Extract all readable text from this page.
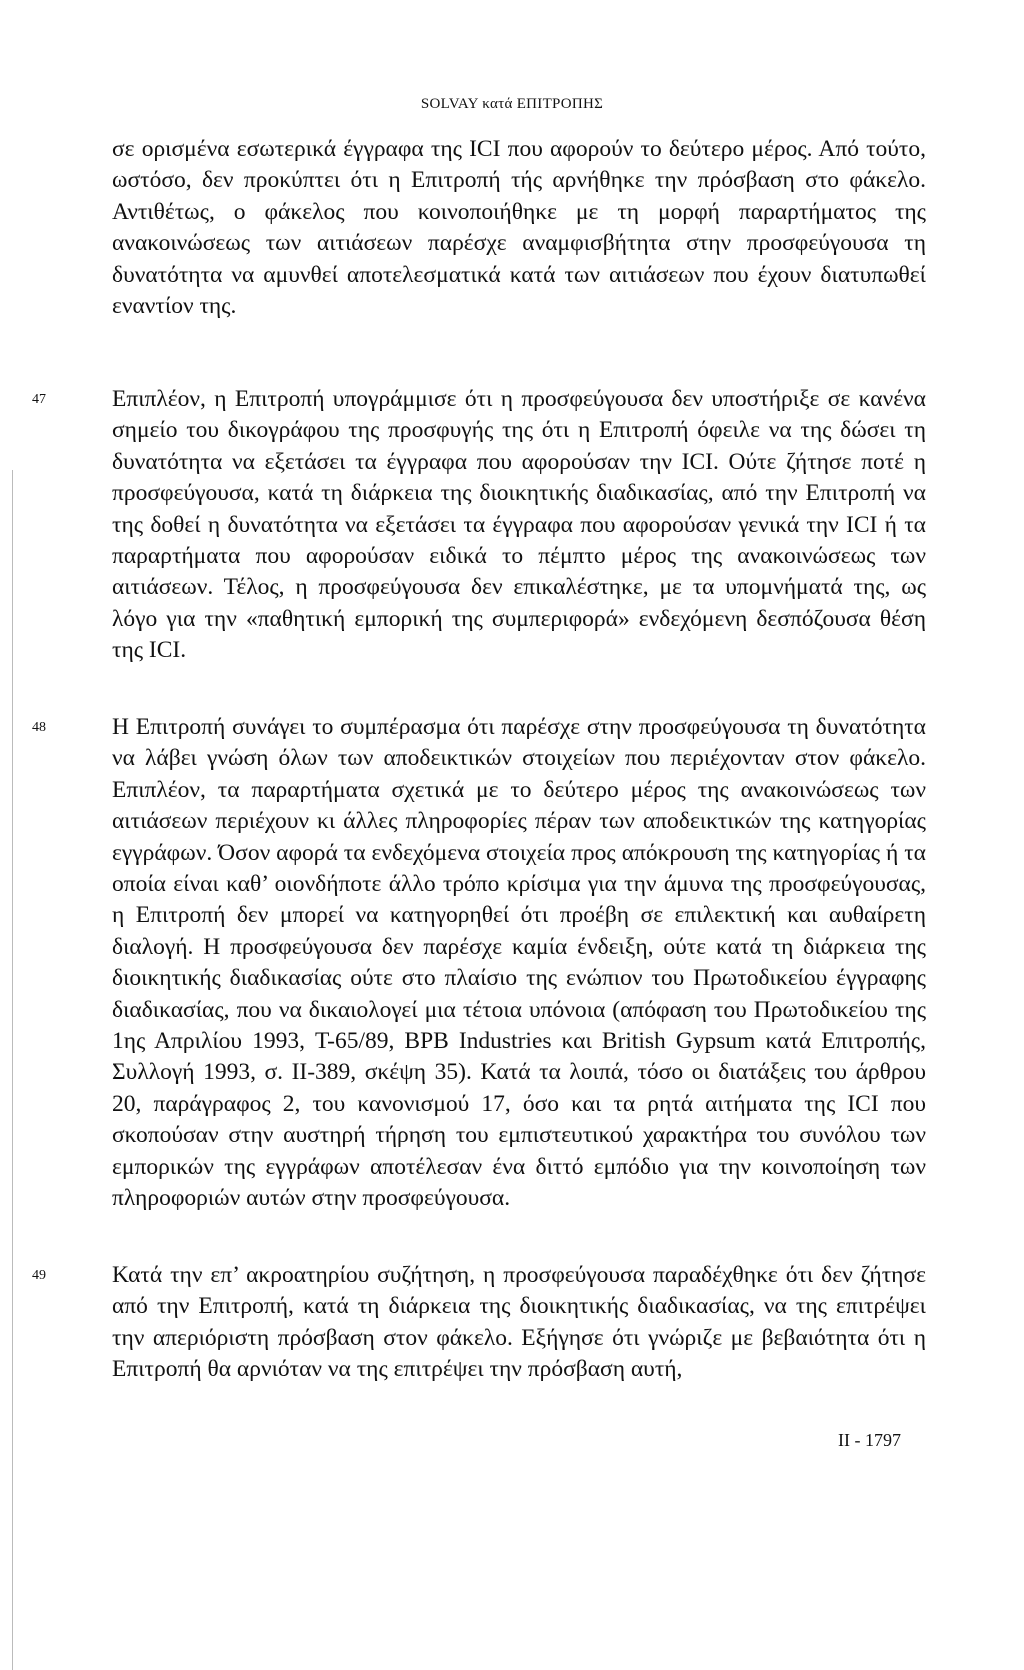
SOLVAY κατά ΕΠΙΤΡΟΠΗΣ

σε ορισμένα εσωτερικά έγγραφα της ICI που αφορούν το δεύτερο μέρος. Από τούτο, ωστόσο, δεν προκύπτει ότι η Επιτροπή τής αρνήθηκε την πρόσβαση στο φάκελο. Αντιθέτως, ο φάκελος που κοινοποιήθηκε με τη μορφή παραρτήματος της ανακοινώσεως των αιτιάσεων παρέσχε αναμφισβήτητα στην προσφεύγουσα τη δυνατότητα να αμυνθεί αποτελεσματικά κατά των αιτιάσεων που έχουν διατυπωθεί εναντίον της.

47	Επιπλέον, η Επιτροπή υπογράμμισε ότι η προσφεύγουσα δεν υποστήριξε σε κανένα σημείο του δικογράφου της προσφυγής της ότι η Επιτροπή όφειλε να της δώσει τη δυνατότητα να εξετάσει τα έγγραφα που αφορούσαν την ICI. Ούτε ζήτησε ποτέ η προσφεύγουσα, κατά τη διάρκεια της διοικητικής διαδικασίας, από την Επιτροπή να της δοθεί η δυνατότητα να εξετάσει τα έγγραφα που αφορούσαν γενικά την ICI ή τα παραρτήματα που αφορούσαν ειδικά το πέμπτο μέρος της ανακοινώσεως των αιτιάσεων. Τέλος, η προσφεύγουσα δεν επικαλέστηκε, με τα υπομνήματά της, ως λόγο για την «παθητική εμπορική της συμπεριφορά» ενδεχόμενη δεσπόζουσα θέση της ICI.

48	Η Επιτροπή συνάγει το συμπέρασμα ότι παρέσχε στην προσφεύγουσα τη δυνατότητα να λάβει γνώση όλων των αποδεικτικών στοιχείων που περιέχονταν στον φάκελο. Επιπλέον, τα παραρτήματα σχετικά με το δεύτερο μέρος της ανακοινώσεως των αιτιάσεων περιέχουν κι άλλες πληροφορίες πέραν των αποδεικτικών της κατηγορίας εγγράφων. Όσον αφορά τα ενδεχόμενα στοιχεία προς απόκρουση της κατηγορίας ή τα οποία είναι καθ’ οιονδήποτε άλλο τρόπο κρίσιμα για την άμυνα της προσφεύγουσας, η Επιτροπή δεν μπορεί να κατηγορηθεί ότι προέβη σε επιλεκτική και αυθαίρετη διαλογή. Η προσφεύγουσα δεν παρέσχε καμία ένδειξη, ούτε κατά τη διάρκεια της διοικητικής διαδικασίας ούτε στο πλαίσιο της ενώπιον του Πρωτοδικείου έγγραφης διαδικασίας, που να δικαιολογεί μια τέτοια υπόνοια (απόφαση του Πρωτοδικείου της 1ης Απριλίου 1993, T-65/89, BPB Industries και British Gypsum κατά Επιτροπής, Συλλογή 1993, σ. II-389, σκέψη 35). Κατά τα λοιπά, τόσο οι διατάξεις του άρθρου 20, παράγραφος 2, του κανονισμού 17, όσο και τα ρητά αιτήματα της ICI που σκοπούσαν στην αυστηρή τήρηση του εμπιστευτικού χαρακτήρα του συνόλου των εμπορικών της εγγράφων αποτέλεσαν ένα διττό εμπόδιο για την κοινοποίηση των πληροφοριών αυτών στην προσφεύγουσα.

49	Κατά την επ’ ακροατηρίου συζήτηση, η προσφεύγουσα παραδέχθηκε ότι δεν ζήτησε από την Επιτροπή, κατά τη διάρκεια της διοικητικής διαδικασίας, να της επιτρέψει την απεριόριστη πρόσβαση στον φάκελο. Εξήγησε ότι γνώριζε με βεβαιότητα ότι η Επιτροπή θα αρνιόταν να της επιτρέψει την πρόσβαση αυτή,

II - 1797
